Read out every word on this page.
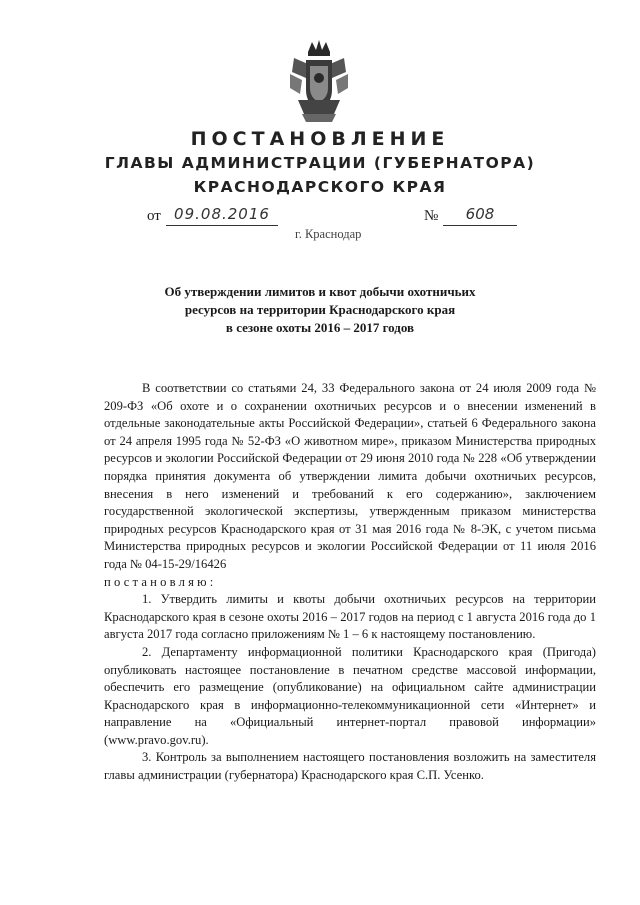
ПОСТАНОВЛЕНИЕ
ГЛАВЫ АДМИНИСТРАЦИИ (ГУБЕРНАТОРА)
КРАСНОДАРСКОГО КРАЯ
от 09.08.2016	№	608
г. Краснодар
Об утверждении лимитов и квот добычи охотничьих
ресурсов на территории Краснодарского края
в сезоне охоты 2016 – 2017 годов

В соответствии со статьями 24, 33 Федерального закона от 24 июля 2009 года № 209-ФЗ «Об охоте и о сохранении охотничьих ресурсов и о внесении изменений в отдельные законодательные акты Российской Федерации», статьей 6 Федерального закона от 24 апреля 1995 года № 52-ФЗ «О животном мире», приказом Министерства природных ресурсов и экологии Российской Федерации от 29 июня 2010 года № 228 «Об утверждении порядка принятия документа об утверждении лимита добычи охотничьих ресурсов, внесения в него изменений и требований к его содержанию», заключением государственной экологической экспертизы, утвержденным приказом министерства природных ресурсов Краснодарского края от 31 мая 2016 года № 8-ЭК, с учетом письма Министерства природных ресурсов и экологии Российской Федерации от 11 июля 2016 года № 04-15-29/16426

постановляю:

1. Утвердить лимиты и квоты добычи охотничьих ресурсов на территории Краснодарского края в сезоне охоты 2016 – 2017 годов на период с 1 августа 2016 года до 1 августа 2017 года согласно приложениям № 1 – 6 к настоящему постановлению.

2. Департаменту информационной политики Краснодарского края (Пригода) опубликовать настоящее постановление в печатном средстве массовой информации, обеспечить его размещение (опубликование) на официальном сайте администрации Краснодарского края в информационно-телекоммуникационной сети «Интернет» и направление на «Официальный интернет-портал правовой информации» (www.pravo.gov.ru).

3. Контроль за выполнением настоящего постановления возложить на заместителя главы администрации (губернатора) Краснодарского края С.П. Усенко.
